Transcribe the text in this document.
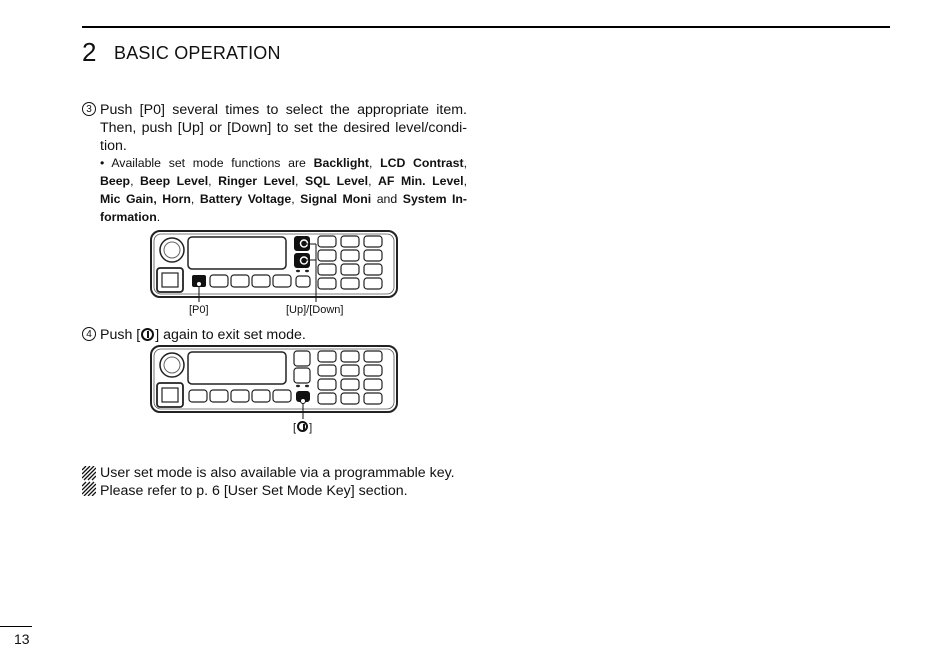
2 BASIC OPERATION
3 Push [P0] several times to select the appropriate item.
Then, push [Up] or [Down] to set the desired level/condi-
tion.
• Available set mode functions are Backlight, LCD Contrast,
Beep, Beep Level, Ringer Level, SQL Level, AF Min. Level,
Mic Gain, Horn, Battery Voltage, Signal Moni and System In-
formation.
[P0]	[Up]/[Down]
4 Push [ ] again to exit set mode.
[ ]
User set mode is also available via a programmable key.
Please refer to p. 6 [User Set Mode Key] section.
13
